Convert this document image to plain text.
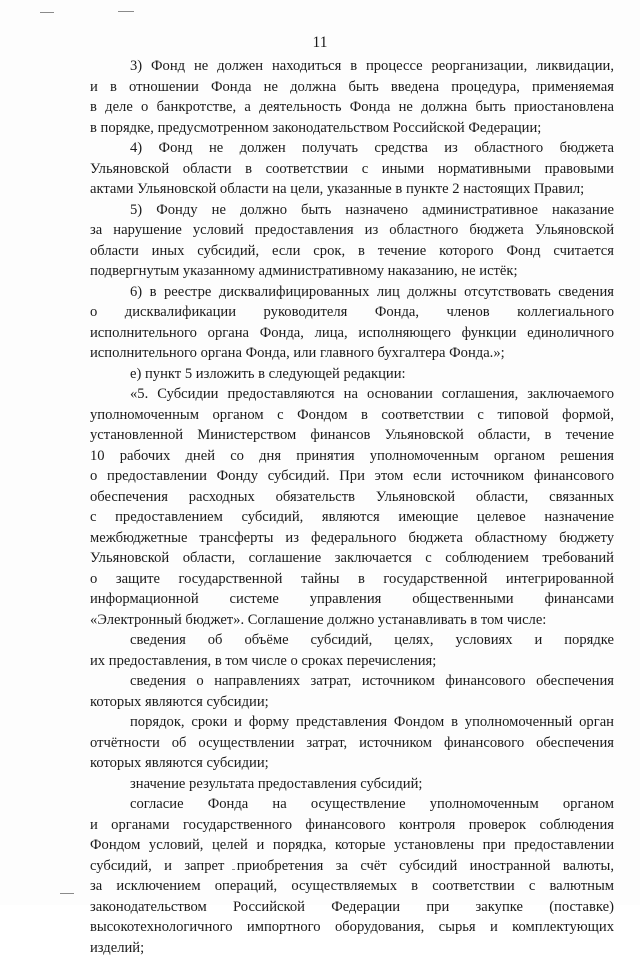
11
3) Фонд не должен находиться в процессе реорганизации, ликвидации,
и в отношении Фонда не должна быть введена процедура, применяемая
в деле о банкротстве, а деятельность Фонда не должна быть приостановлена
в порядке, предусмотренном законодательством Российской Федерации;
4) Фонд не должен получать средства из областного бюджета
Ульяновской области в соответствии с иными нормативными правовыми
актами Ульяновской области на цели, указанные в пункте 2 настоящих Правил;
5) Фонду не должно быть назначено административное наказание
за нарушение условий предоставления из областного бюджета Ульяновской
области иных субсидий, если срок, в течение которого Фонд считается
подвергнутым указанному административному наказанию, не истёк;
6) в реестре дисквалифицированных лиц должны отсутствовать сведения
о дисквалификации руководителя Фонда, членов коллегиального
исполнительного органа Фонда, лица, исполняющего функции единоличного
исполнительного органа Фонда, или главного бухгалтера Фонда.»;
е) пункт 5 изложить в следующей редакции:
«5. Субсидии предоставляются на основании соглашения, заключаемого
уполномоченным органом с Фондом в соответствии с типовой формой,
установленной Министерством финансов Ульяновской области, в течение
10 рабочих дней со дня принятия уполномоченным органом решения
о предоставлении Фонду субсидий. При этом если источником финансового
обеспечения расходных обязательств Ульяновской области, связанных
с предоставлением субсидий, являются имеющие целевое назначение
межбюджетные трансферты из федерального бюджета областному бюджету
Ульяновской области, соглашение заключается с соблюдением требований
о защите государственной тайны в государственной интегрированной
информационной системе управления общественными финансами
«Электронный бюджет». Соглашение должно устанавливать в том числе:
сведения об объёме субсидий, целях, условиях и порядке
их предоставления, в том числе о сроках перечисления;
сведения о направлениях затрат, источником финансового обеспечения
которых являются субсидии;
порядок, сроки и форму представления Фондом в уполномоченный орган
отчётности об осуществлении затрат, источником финансового обеспечения
которых являются субсидии;
значение результата предоставления субсидий;
согласие Фонда на осуществление уполномоченным органом
и органами государственного финансового контроля проверок соблюдения
Фондом условий, целей и порядка, которые установлены при предоставлении
субсидий, и запрет приобретения за счёт субсидий иностранной валюты,
за исключением операций, осуществляемых в соответствии с валютным
законодательством Российской Федерации при закупке (поставке)
высокотехнологичного импортного оборудования, сырья и комплектующих
изделий;
